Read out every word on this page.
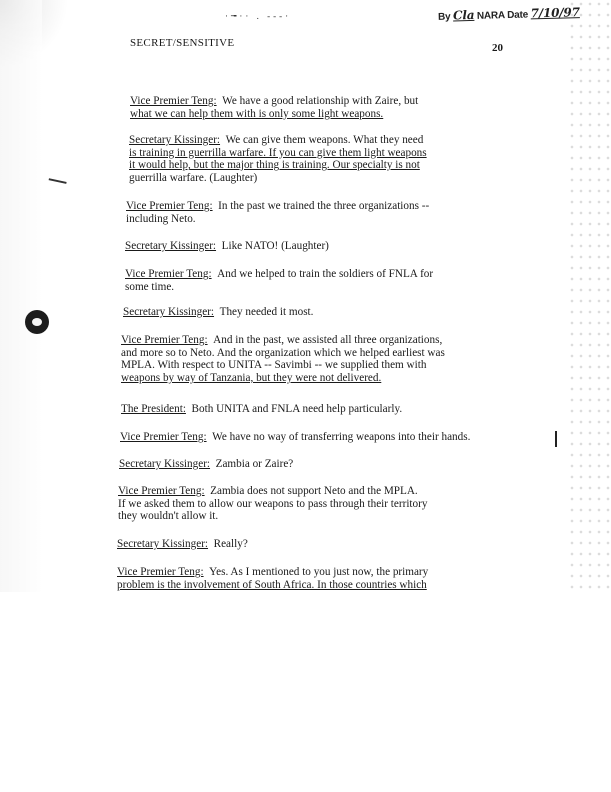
·╼·· . ---·	By Cla NARA Date 7/10/97
SECRET/SENSITIVE	20
Vice Premier Teng: We have a good relationship with Zaire, but
what we can help them with is only some light weapons.
Secretary Kissinger: We can give them weapons. What they need
is training in guerrilla warfare. If you can give them light weapons
it would help, but the major thing is training. Our specialty is not
guerrilla warfare. (Laughter)
Vice Premier Teng: In the past we trained the three organizations --
including Neto.
Secretary Kissinger: Like NATO! (Laughter)
Vice Premier Teng: And we helped to train the soldiers of FNLA for
some time.
Secretary Kissinger: They needed it most.
Vice Premier Teng: And in the past, we assisted all three organizations,
and more so to Neto. And the organization which we helped earliest was
MPLA. With respect to UNITA -- Savimbi -- we supplied them with
weapons by way of Tanzania, but they were not delivered.
The President: Both UNITA and FNLA need help particularly.
Vice Premier Teng: We have no way of transferring weapons into their hands.
Secretary Kissinger: Zambia or Zaire?
Vice Premier Teng: Zambia does not support Neto and the MPLA.
If we asked them to allow our weapons to pass through their territory
they wouldn't allow it.
Secretary Kissinger: Really?
Vice Premier Teng: Yes. As I mentioned to you just now, the primary
problem is the involvement of South Africa. In those countries which
